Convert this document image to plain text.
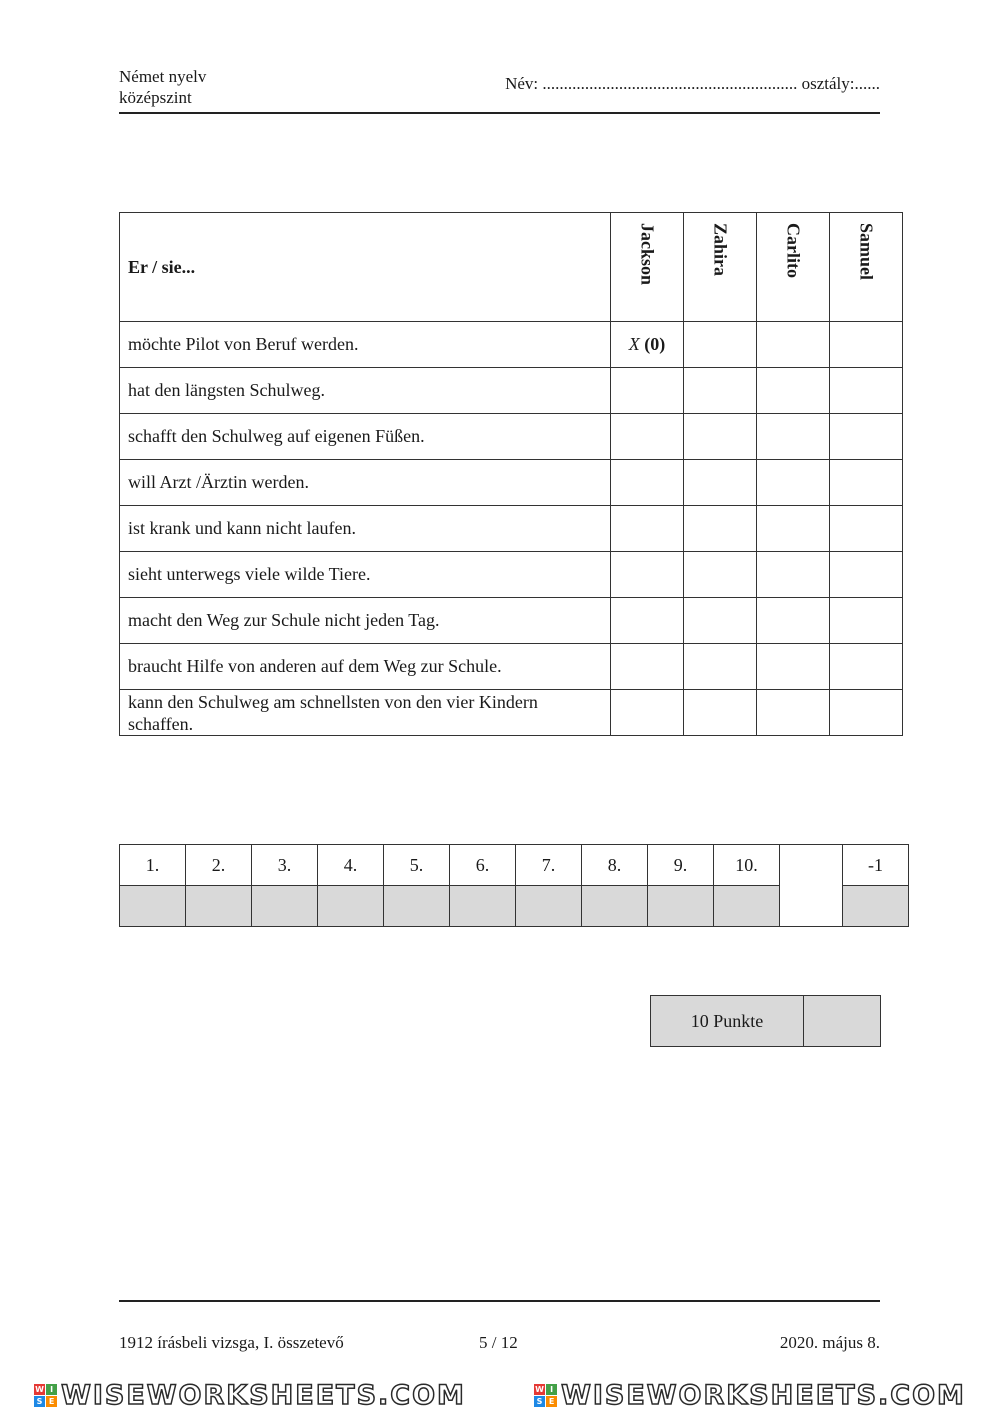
Német nyelv
középszint
Név: ............................................................ osztály:......
Er / sie...	Jackson	Zahira	Carlito	Samuel
möchte Pilot von Beruf werden.	X (0)			
hat den längsten Schulweg.				
schafft den Schulweg auf eigenen Füßen.				
will Arzt /Ärztin werden.				
ist krank und kann nicht laufen.				
sieht unterwegs viele wilde Tiere.				
macht den Weg zur Schule nicht jeden Tag.				
braucht Hilfe von anderen auf dem Weg zur Schule.				
kann den Schulweg am schnellsten von den vier Kindern schaffen.				
1.	2.	3.	4.	5.	6.	7.	8.	9.	10.		-1

10 Punkte
1912 írásbeli vizsga, I. összetevő	5 / 12	2020. május 8.
W I
S E WISEWORKSHEETS.COM	W I
S E WISEWORKSHEETS.COM
